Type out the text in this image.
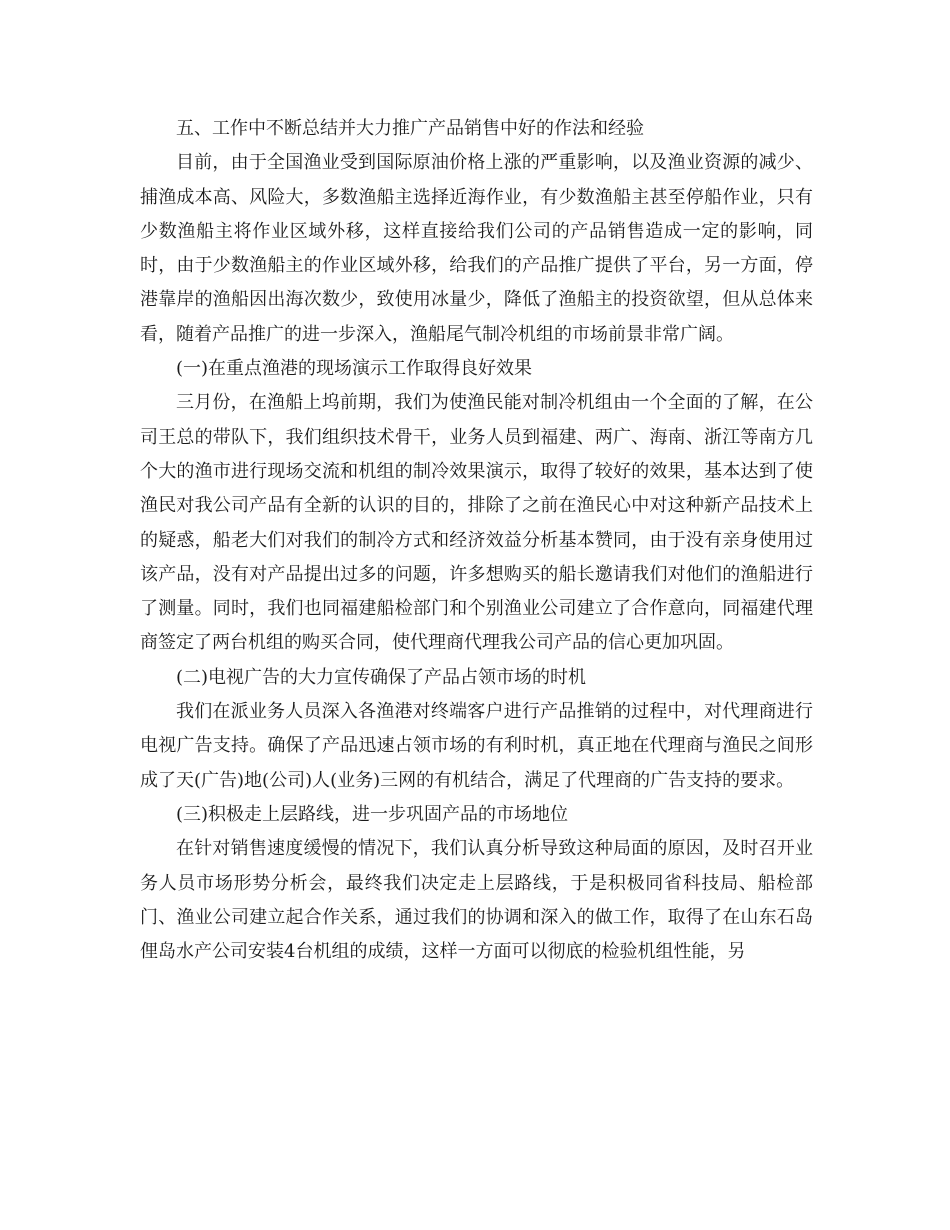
五、工作中不断总结并大力推广产品销售中好的作法和经验

目前，由于全国渔业受到国际原油价格上涨的严重影响，以及渔业资源的减少、捕渔成本高、风险大，多数渔船主选择近海作业，有少数渔船主甚至停船作业，只有少数渔船主将作业区域外移，这样直接给我们公司的产品销售造成一定的影响，同时，由于少数渔船主的作业区域外移，给我们的产品推广提供了平台，另一方面，停港靠岸的渔船因出海次数少，致使用冰量少，降低了渔船主的投资欲望，但从总体来看，随着产品推广的进一步深入，渔船尾气制冷机组的市场前景非常广阔。

(一)在重点渔港的现场演示工作取得良好效果

三月份，在渔船上坞前期，我们为使渔民能对制冷机组由一个全面的了解，在公司王总的带队下，我们组织技术骨干，业务人员到福建、两广、海南、浙江等南方几个大的渔市进行现场交流和机组的制冷效果演示，取得了较好的效果，基本达到了使渔民对我公司产品有全新的认识的目的，排除了之前在渔民心中对这种新产品技术上的疑惑，船老大们对我们的制冷方式和经济效益分析基本赞同，由于没有亲身使用过该产品，没有对产品提出过多的问题，许多想购买的船长邀请我们对他们的渔船进行了测量。同时，我们也同福建船检部门和个别渔业公司建立了合作意向，同福建代理商签定了两台机组的购买合同，使代理商代理我公司产品的信心更加巩固。

(二)电视广告的大力宣传确保了产品占领市场的时机

我们在派业务人员深入各渔港对终端客户进行产品推销的过程中，对代理商进行电视广告支持。确保了产品迅速占领市场的有利时机，真正地在代理商与渔民之间形成了天(广告)地(公司)人(业务)三网的有机结合，满足了代理商的广告支持的要求。

(三)积极走上层路线，进一步巩固产品的市场地位

在针对销售速度缓慢的情况下，我们认真分析导致这种局面的原因，及时召开业务人员市场形势分析会，最终我们决定走上层路线，于是积极同省科技局、船检部门、渔业公司建立起合作关系，通过我们的协调和深入的做工作，取得了在山东石岛俚岛水产公司安装4台机组的成绩，这样一方面可以彻底的检验机组性能，另
